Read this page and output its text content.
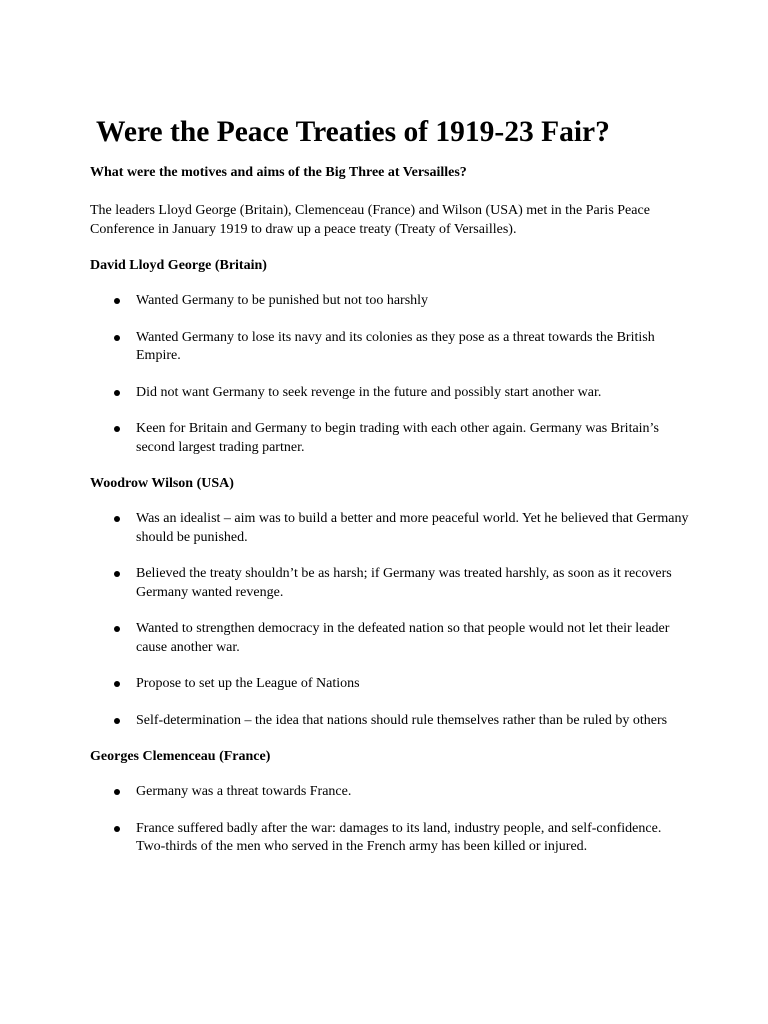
Were the Peace Treaties of 1919-23 Fair?
What were the motives and aims of the Big Three at Versailles?
The leaders Lloyd George (Britain), Clemenceau (France) and Wilson (USA) met in the Paris Peace Conference in January 1919 to draw up a peace treaty (Treaty of Versailles).
David Lloyd George (Britain)
Wanted Germany to be punished but not too harshly
Wanted Germany to lose its navy and its colonies as they pose as a threat towards the British Empire.
Did not want Germany to seek revenge in the future and possibly start another war.
Keen for Britain and Germany to begin trading with each other again. Germany was Britain’s second largest trading partner.
Woodrow Wilson (USA)
Was an idealist – aim was to build a better and more peaceful world. Yet he believed that Germany should be punished.
Believed the treaty shouldn’t be as harsh; if Germany was treated harshly, as soon as it recovers Germany wanted revenge.
Wanted to strengthen democracy in the defeated nation so that people would not let their leader cause another war.
Propose to set up the League of Nations
Self-determination – the idea that nations should rule themselves rather than be ruled by others
Georges Clemenceau (France)
Germany was a threat towards France.
France suffered badly after the war: damages to its land, industry people, and self-confidence. Two-thirds of the men who served in the French army has been killed or injured.
